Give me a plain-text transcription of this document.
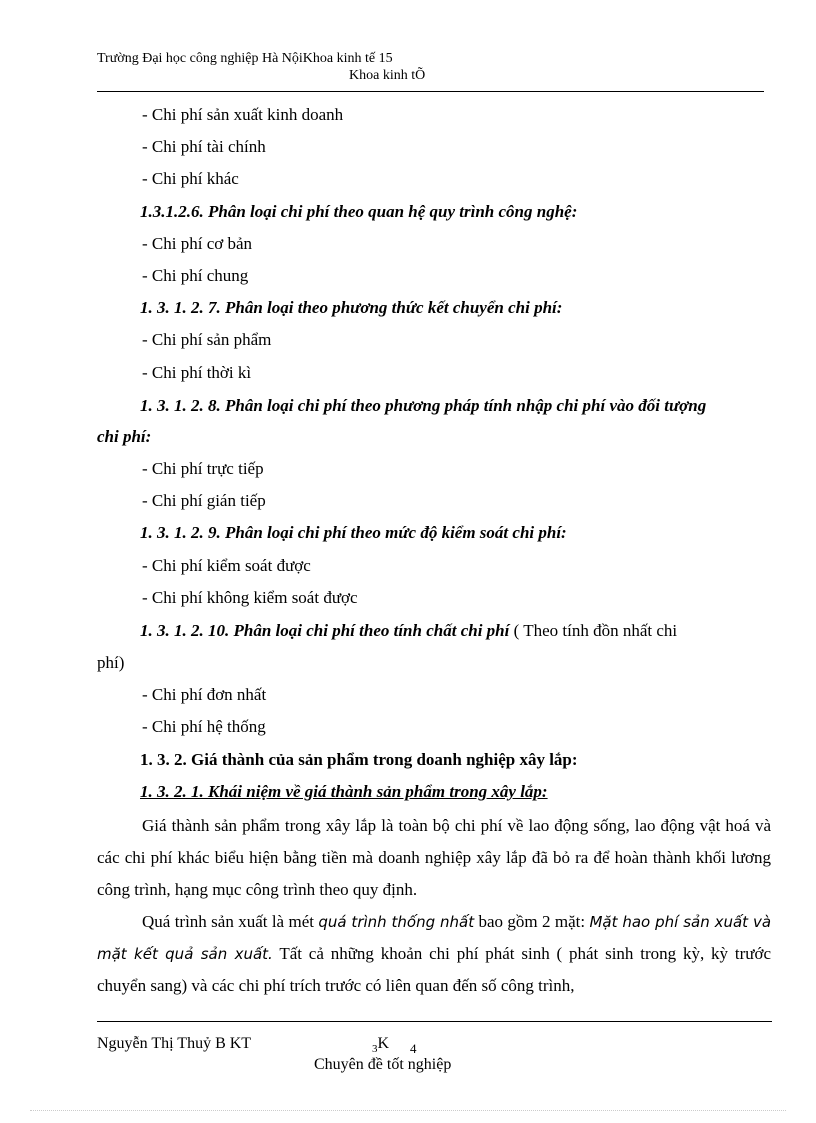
Trường Đại học công nghiệp Hà NộiKhoa kinh tế 15
Khoa kinh tÕ
- Chi phí sản xuất kinh doanh
- Chi phí tài chính
- Chi phí khác
1.3.1.2.6. Phân loại chi phí theo quan hệ quy trình công nghệ:
- Chi phí cơ bản
- Chi phí chung
1. 3. 1. 2. 7. Phân loại theo phương thức kết chuyển chi phí:
- Chi phí sản phẩm
- Chi phí thời kì
1. 3. 1. 2. 8. Phân loại chi phí theo phương pháp tính nhập chi phí vào đối tượng
chi phí:
- Chi phí trực tiếp
- Chi phí gián tiếp
1. 3. 1. 2. 9. Phân loại chi phí theo mức độ kiểm soát chi phí:
- Chi phí kiểm soát được
- Chi phí không kiểm soát được
1. 3. 1. 2. 10. Phân loại chi phí theo tính chất chi phí ( Theo tính đồn nhất chi
phí)
- Chi phí đơn nhất
- Chi phí hệ thống
1. 3. 2. Giá thành của sản phẩm trong doanh nghiệp xây lắp:
1. 3. 2. 1. Khái niệm về giá thành sản phẩm trong xây lắp:

Giá thành sản phẩm trong xây lắp là toàn bộ chi phí về lao động sống, lao động vật hoá và các chi phí khác biểu hiện bằng tiền mà doanh nghiệp xây lắp đã bỏ ra để hoàn thành khối lương công trình, hạng mục công trình theo quy định.

Quá trình sản xuất là mét quá trình thống nhất bao gồm 2 mặt: Mặt hao phí sản xuất và mặt kết quả sản xuất. Tất cả những khoản chi phí phát sinh ( phát sinh trong kỳ, kỳ trước chuyển sang) và các chi phí trích trước có liên quan đến số công trình,

Nguyễn Thị Thuỷ B KT	$_3$K 4
Chuyên đề tốt nghiệp
